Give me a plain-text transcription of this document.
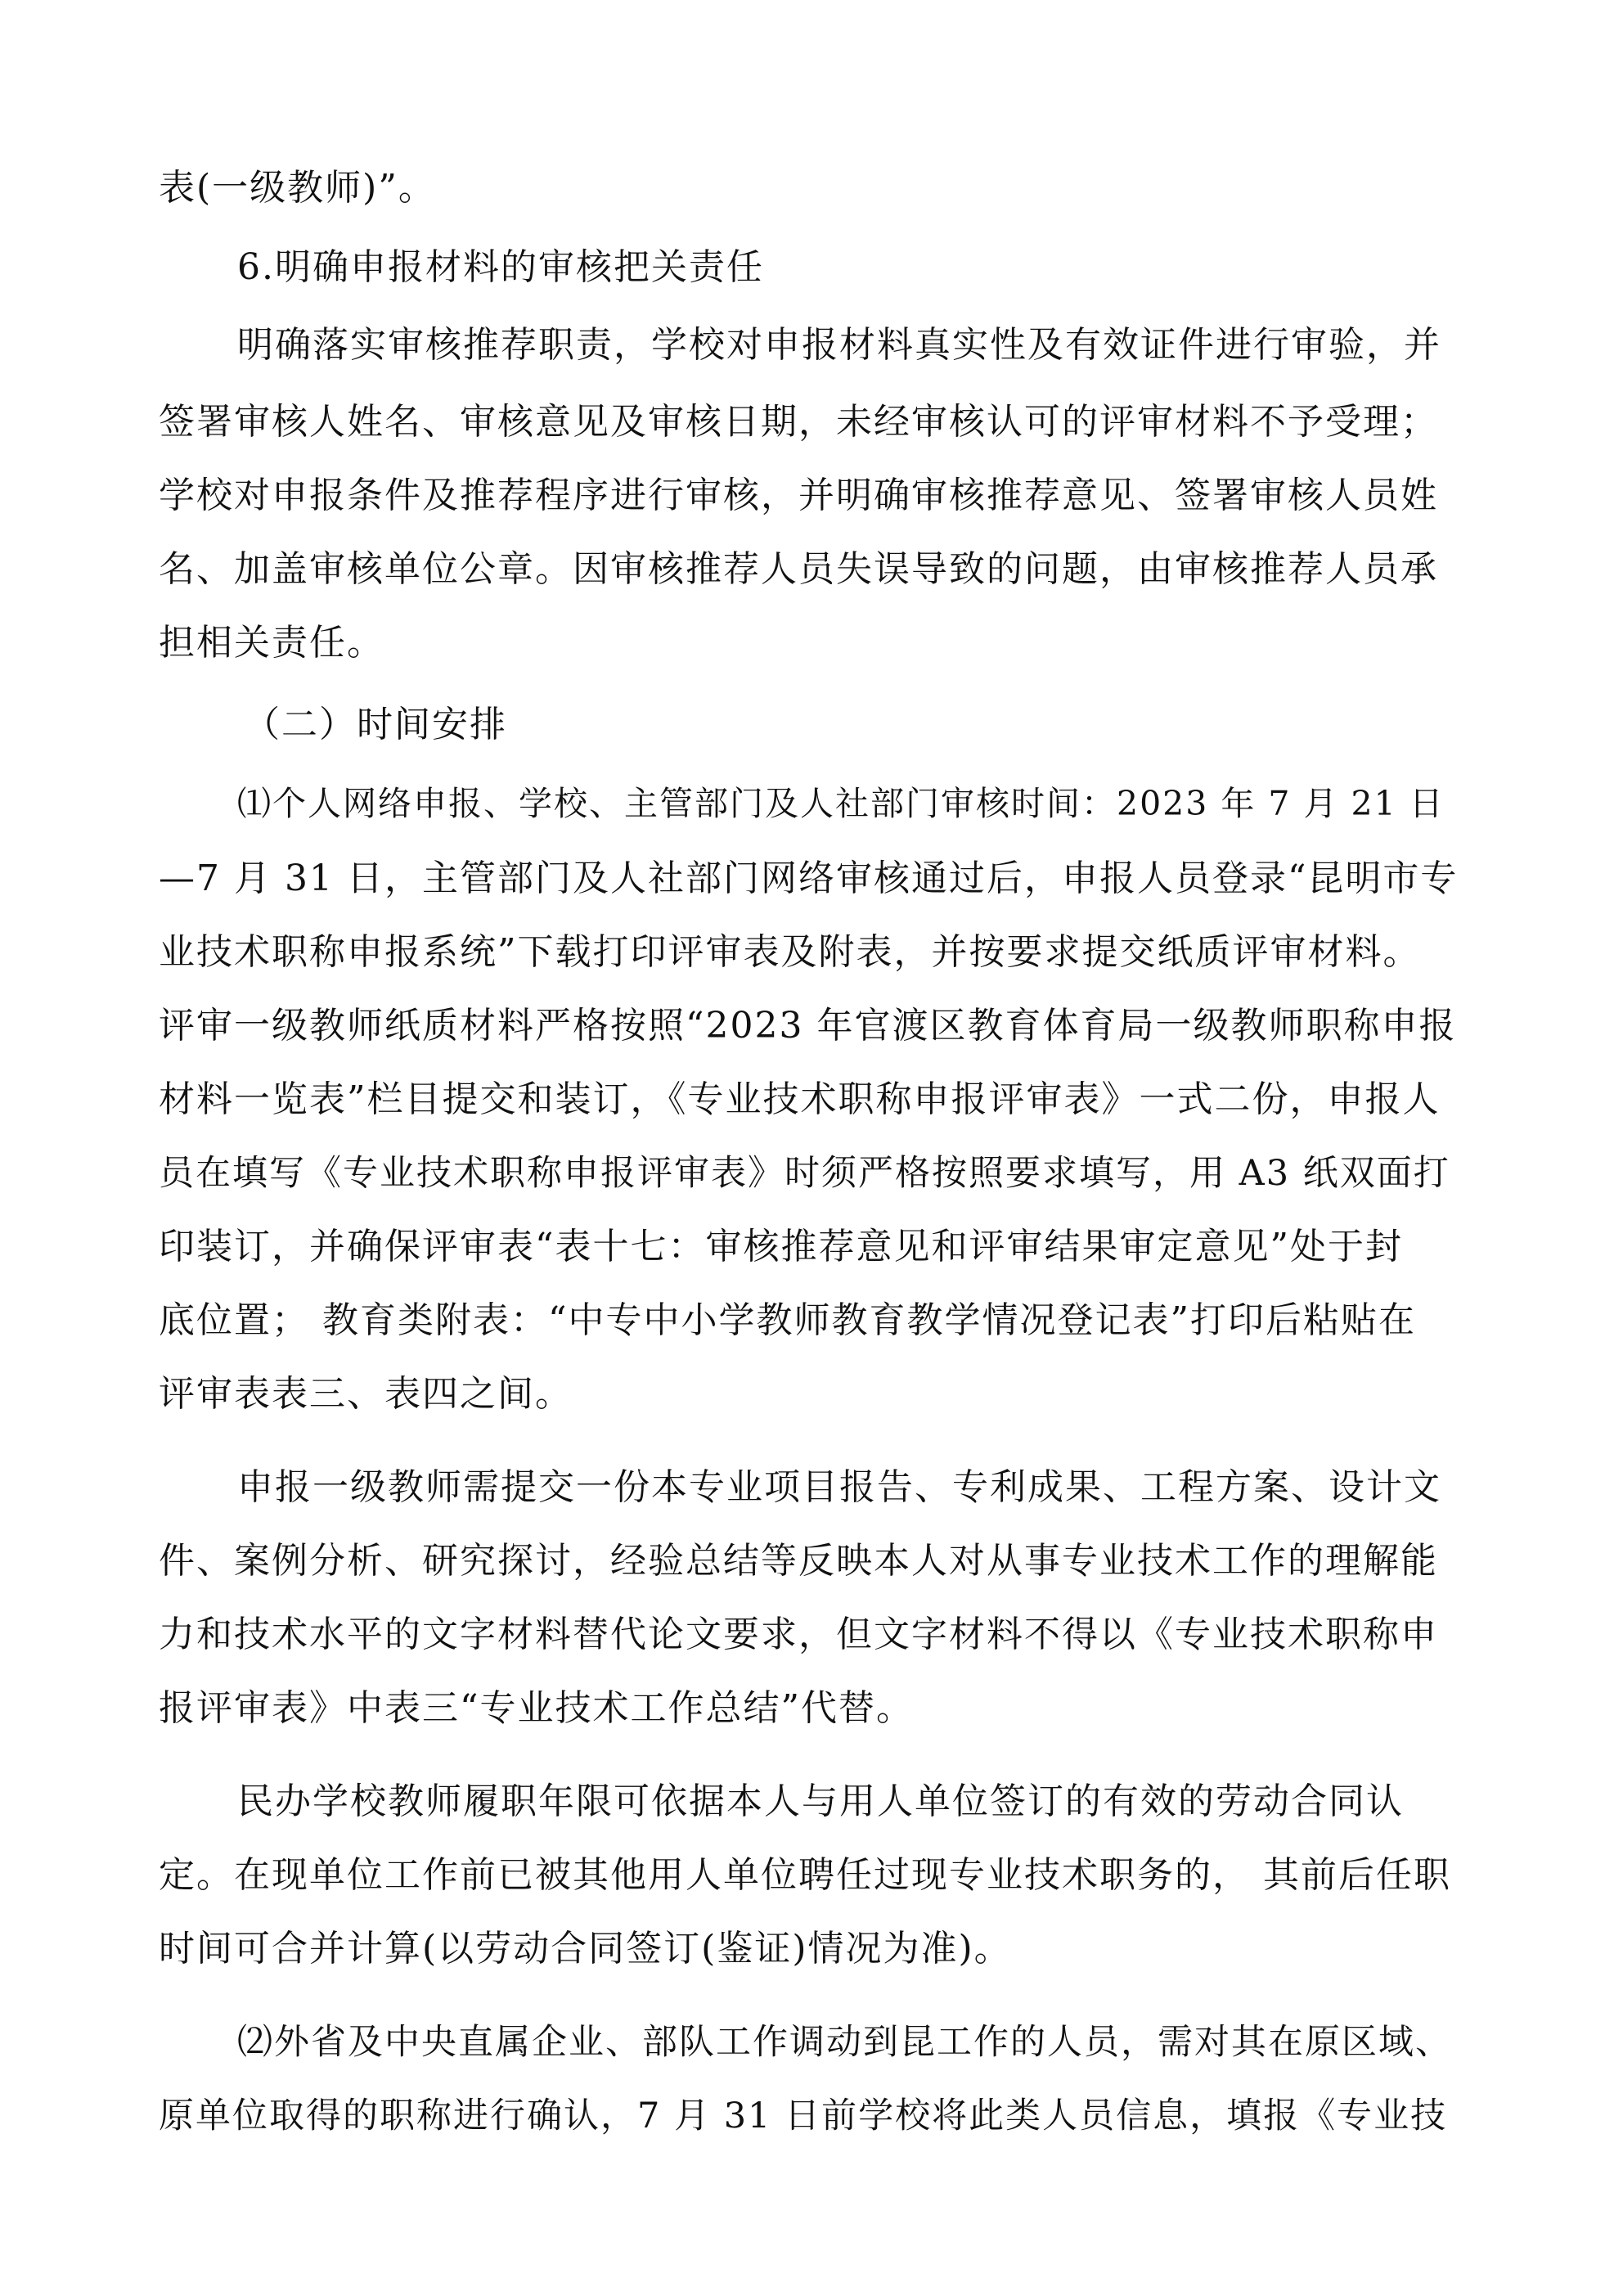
表(一级教师)”。
6.明确申报材料的审核把关责任
明确落实审核推荐职责，学校对申报材料真实性及有效证件进行审验，并
签署审核人姓名、审核意见及审核日期，未经审核认可的评审材料不予受理；
学校对申报条件及推荐程序进行审核，并明确审核推荐意见、签署审核人员姓
名、加盖审核单位公章。因审核推荐人员失误导致的问题，由审核推荐人员承
担相关责任。
（二）时间安排
⑴个人网络申报、学校、主管部门及人社部门审核时间：2023 年 7 月 21 日
—7 月 31 日，主管部门及人社部门网络审核通过后，申报人员登录“昆明市专
业技术职称申报系统”下载打印评审表及附表，并按要求提交纸质评审材料。
评审一级教师纸质材料严格按照“2023 年官渡区教育体育局一级教师职称申报
材料一览表”栏目提交和装订，《专业技术职称申报评审表》一式二份，申报人
员在填写《专业技术职称申报评审表》时须严格按照要求填写，用 A3 纸双面打
印装订，并确保评审表“表十七：审核推荐意见和评审结果审定意见”处于封
底位置； 教育类附表：“中专中小学教师教育教学情况登记表”打印后粘贴在
评审表表三、表四之间。
申报一级教师需提交一份本专业项目报告、专利成果、工程方案、设计文
件、案例分析、研究探讨，经验总结等反映本人对从事专业技术工作的理解能
力和技术水平的文字材料替代论文要求，但文字材料不得以《专业技术职称申
报评审表》中表三“专业技术工作总结”代替。
民办学校教师履职年限可依据本人与用人单位签订的有效的劳动合同认
定。在现单位工作前已被其他用人单位聘任过现专业技术职务的， 其前后任职
时间可合并计算(以劳动合同签订(鉴证)情况为准)。
⑵外省及中央直属企业、部队工作调动到昆工作的人员，需对其在原区域、
原单位取得的职称进行确认，7 月 31 日前学校将此类人员信息，填报《专业技
